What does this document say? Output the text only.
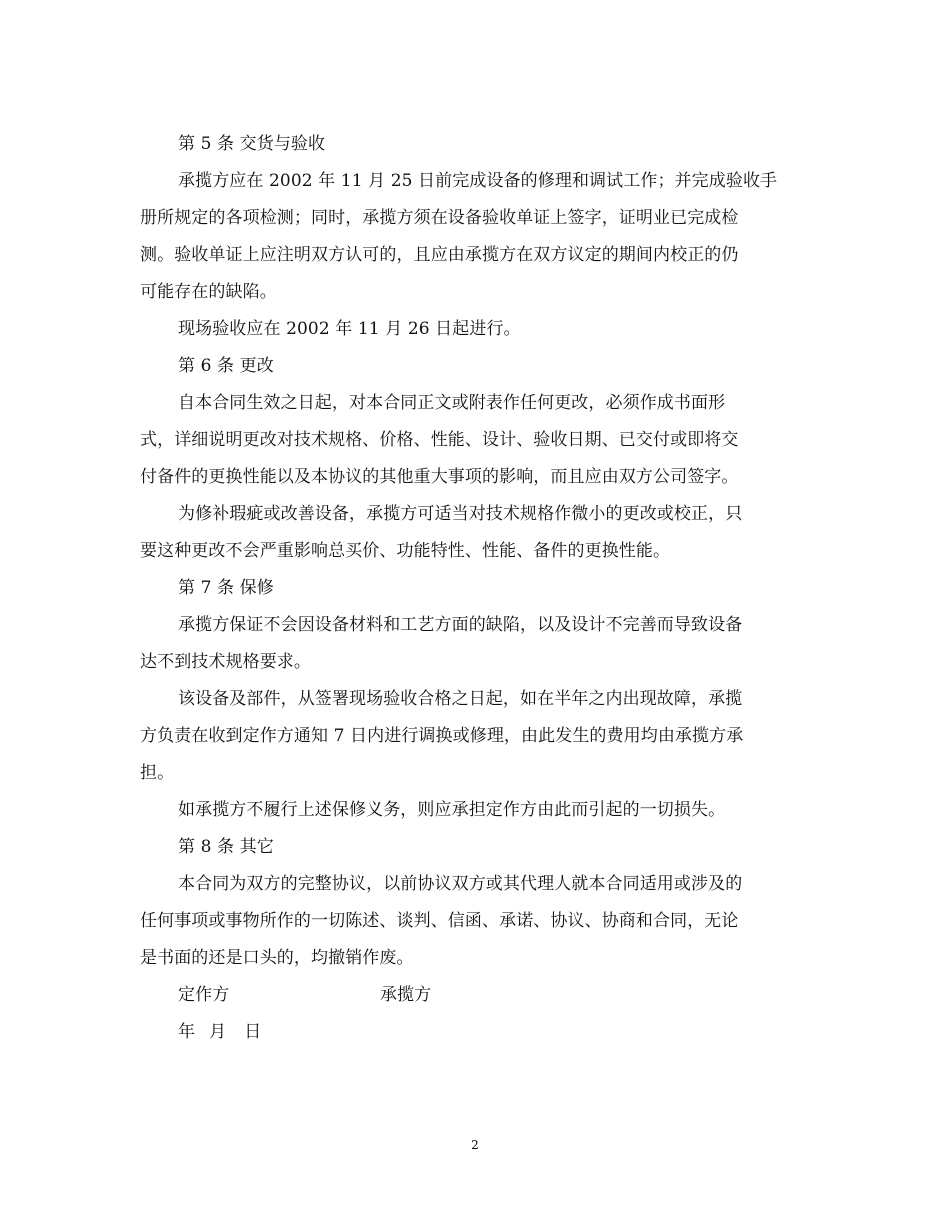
第 5 条 交货与验收
承揽方应在 2002 年 11 月 25 日前完成设备的修理和调试工作；并完成验收手
册所规定的各项检测；同时，承揽方须在设备验收单证上签字，证明业已完成检
测。验收单证上应注明双方认可的，且应由承揽方在双方议定的期间内校正的仍
可能存在的缺陷。
现场验收应在 2002 年 11 月 26 日起进行。
第 6 条 更改
自本合同生效之日起，对本合同正文或附表作任何更改，必须作成书面形
式，详细说明更改对技术规格、价格、性能、设计、验收日期、已交付或即将交
付备件的更换性能以及本协议的其他重大事项的影响，而且应由双方公司签字。
为修补瑕疵或改善设备，承揽方可适当对技术规格作微小的更改或校正，只
要这种更改不会严重影响总买价、功能特性、性能、备件的更换性能。
第 7 条 保修
承揽方保证不会因设备材料和工艺方面的缺陷，以及设计不完善而导致设备
达不到技术规格要求。
该设备及部件，从签署现场验收合格之日起，如在半年之内出现故障，承揽
方负责在收到定作方通知 7 日内进行调换或修理，由此发生的费用均由承揽方承
担。
如承揽方不履行上述保修义务，则应承担定作方由此而引起的一切损失。
第 8 条 其它
本合同为双方的完整协议，以前协议双方或其代理人就本合同适用或涉及的
任何事项或事物所作的一切陈述、谈判、信函、承诺、协议、协商和合同，无论
是书面的还是口头的，均撤销作废。
定作方	承揽方
年 月 日
2
